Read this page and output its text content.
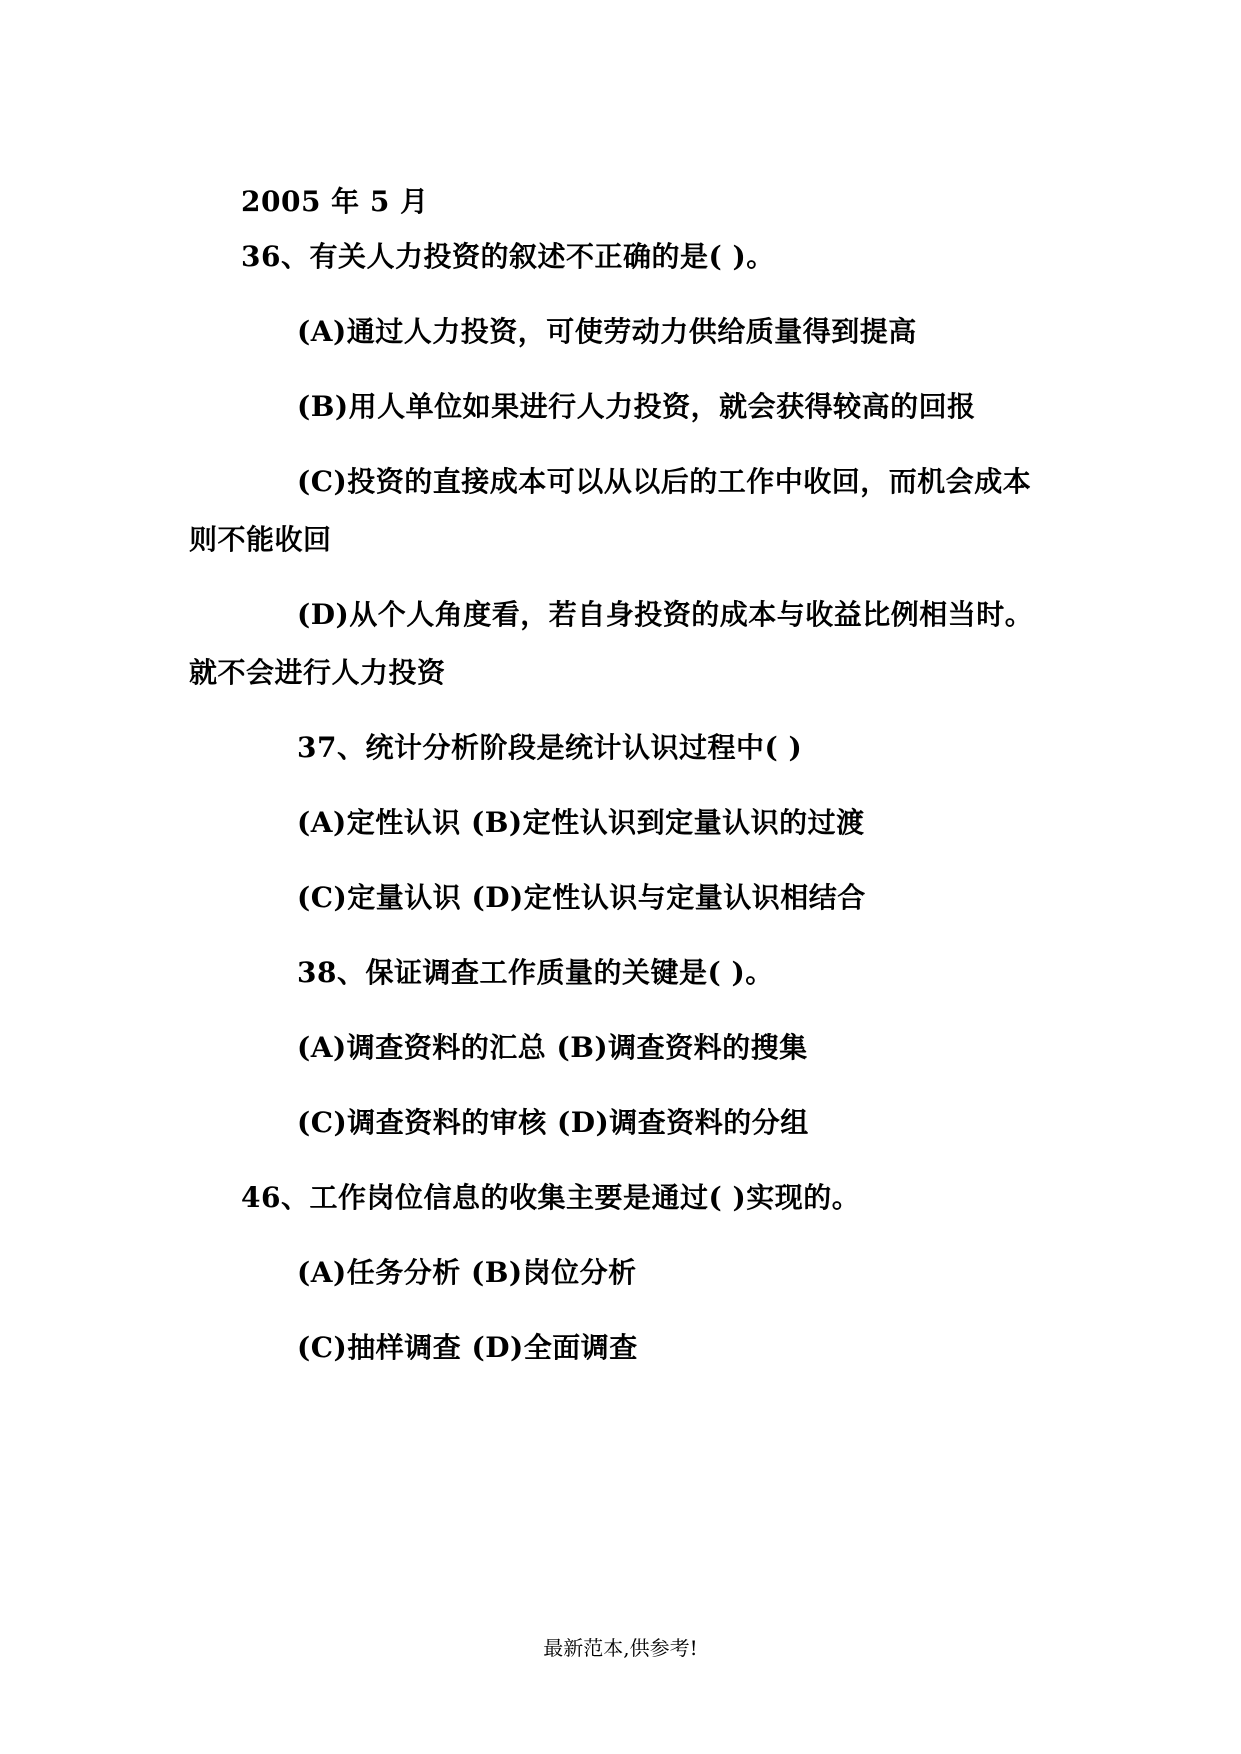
2005 年 5 月
36、有关人力投资的叙述不正确的是( )。
(A)通过人力投资，可使劳动力供给质量得到提高
(B)用人单位如果进行人力投资，就会获得较高的回报
(C)投资的直接成本可以从以后的工作中收回，而机会成本
则不能收回
(D)从个人角度看，若自身投资的成本与收益比例相当时。
就不会进行人力投资
37、统计分析阶段是统计认识过程中( )
(A)定性认识 (B)定性认识到定量认识的过渡
(C)定量认识 (D)定性认识与定量认识相结合
38、保证调查工作质量的关键是( )。
(A)调查资料的汇总 (B)调查资料的搜集
(C)调查资料的审核 (D)调查资料的分组
46、工作岗位信息的收集主要是通过( )实现的。
(A)任务分析 (B)岗位分析
(C)抽样调查 (D)全面调查
最新范本,供参考!
